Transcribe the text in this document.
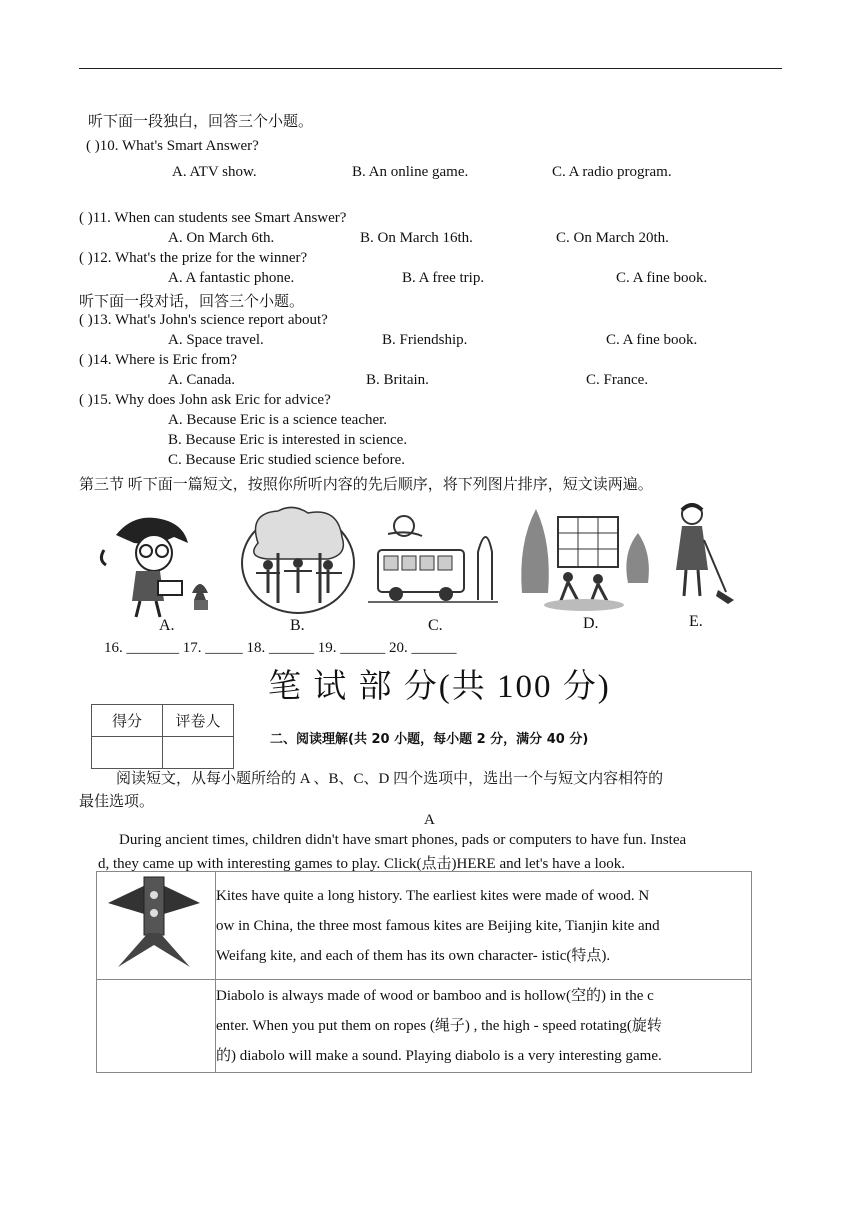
听下面一段独白，回答三个小题。
( )10. What's Smart Answer?
A. ATV show.	B. An online game.	C. A radio program.
( )11. When can students see Smart Answer?
A. On March 6th.	B. On March 16th.	C. On March 20th.
( )12. What's the prize for the winner?
A. A fantastic phone.	B. A free trip.	C. A fine book.
听下面一段对话，回答三个小题。
( )13. What's John's science report about?
A. Space travel.	B. Friendship.	C. A fine book.
( )14. Where is Eric from?
A. Canada.	B. Britain.	C. France.
( )15. Why does John ask Eric for advice?
A. Because Eric is a science teacher.
B. Because Eric is interested in science.
C. Because Eric studied science before.
第三节 听下面一篇短文，按照你所听内容的先后顺序，将下列图片排序，短文读两遍。
A.	B.	C.	D.	E.
16. _______ 17. _____ 18. ______ 19. ______ 20. ______
笔 试 部 分(共 100 分)
得分	评卷人

二、阅读理解(共 20 小题，每小题 2 分，满分 40 分)
阅读短文，从每小题所给的 A 、B、C、D 四个选项中，选出一个与短文内容相符的
最佳选项。
A
During ancient times, children didn't have smart phones, pads or computers to have fun. Instea
d, they came up with interesting games to play. Click(点击)HERE and let's have a look.

Kites have quite a long history. The earliest kites were made of wood. N
ow in China, the three most famous kites are Beijing kite, Tianjin kite and
Weifang kite, and each of them has its own character- istic(特点).

	Diabolo is always made of wood or bamboo and is hollow(空的) in the c
enter. When you put them on ropes (绳子) , the high - speed rotating(旋转
的) diabolo will make a sound. Playing diabolo is a very interesting game.
